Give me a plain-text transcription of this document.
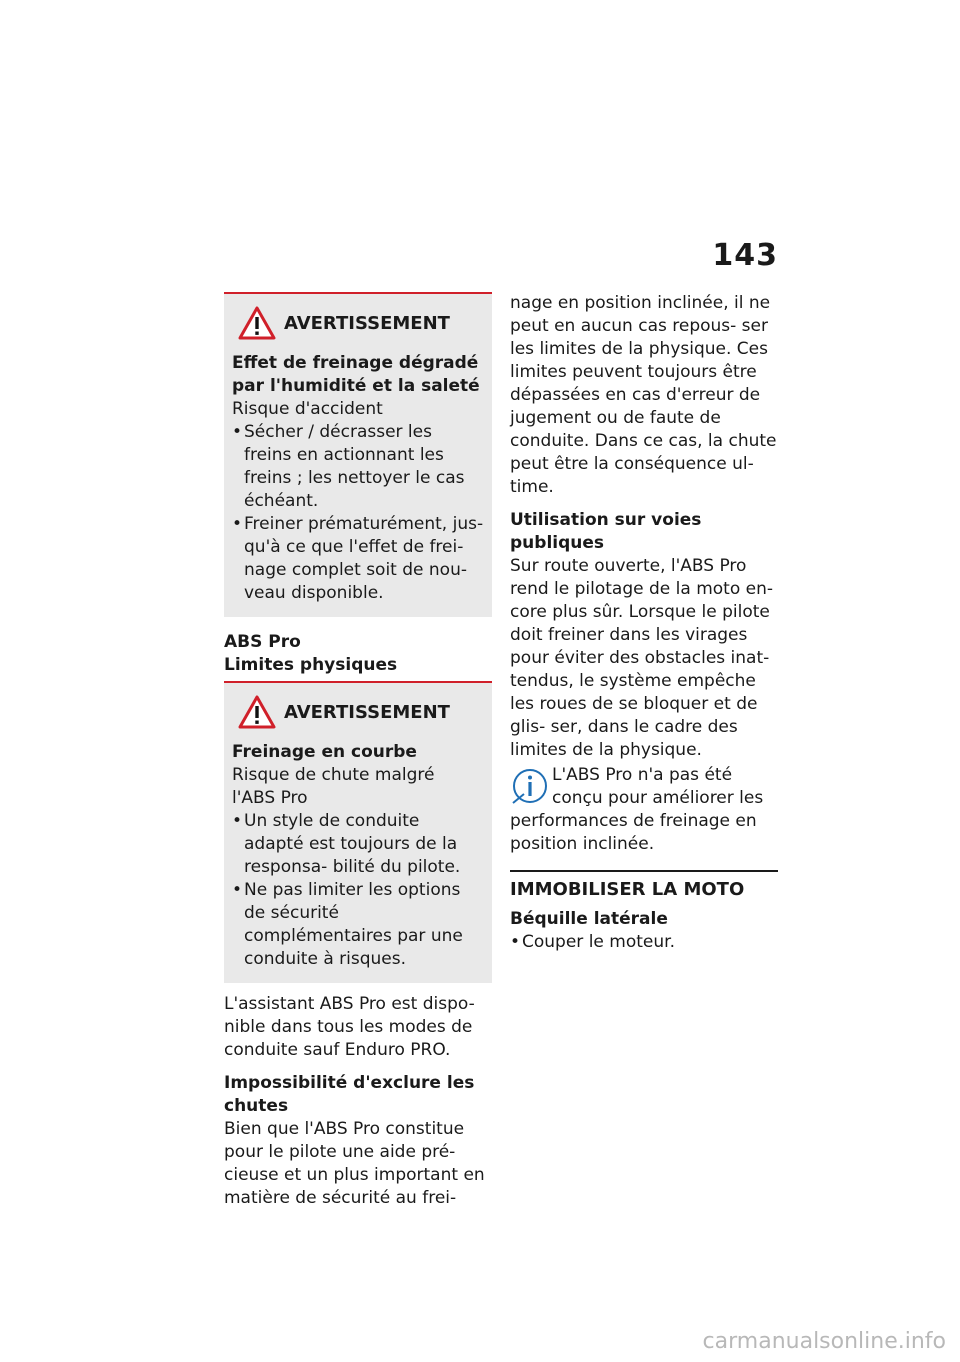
143
AVERTISSEMENT
Effet de freinage dégradé
par l'humidité et la saleté
Risque d'accident
• Sécher / décrasser les freins en actionnant les freins ; les nettoyer le cas échéant.
• Freiner prématurément, jus- qu'à ce que l'effet de frei- nage complet soit de nou- veau disponible.
ABS Pro
Limites physiques
AVERTISSEMENT
Freinage en courbe
Risque de chute malgré
l'ABS Pro
• Un style de conduite adapté est toujours de la responsa- bilité du pilote.
• Ne pas limiter les options de sécurité complémentaires par une conduite à risques.

L'assistant ABS Pro est dispo- nible dans tous les modes de conduite sauf Enduro PRO.

Impossibilité d'exclure les
chutes

Bien que l'ABS Pro constitue pour le pilote une aide pré- cieuse et un plus important en matière de sécurité au frei-

nage en position inclinée, il ne peut en aucun cas repous- ser les limites de la physique. Ces limites peuvent toujours être dépassées en cas d'erreur de jugement ou de faute de conduite. Dans ce cas, la chute peut être la conséquence ul- time.

Utilisation sur voies publiques

Sur route ouverte, l'ABS Pro rend le pilotage de la moto en- core plus sûr. Lorsque le pilote doit freiner dans les virages pour éviter des obstacles inat- tendus, le système empêche les roues de se bloquer et de glis- ser, dans le cadre des limites de la physique.

L'ABS Pro n'a pas été
conçu pour améliorer les
performances de freinage en position inclinée.
IMMOBILISER LA MOTO
Béquille latérale
• Couper le moteur.
carmanualsonline.info
